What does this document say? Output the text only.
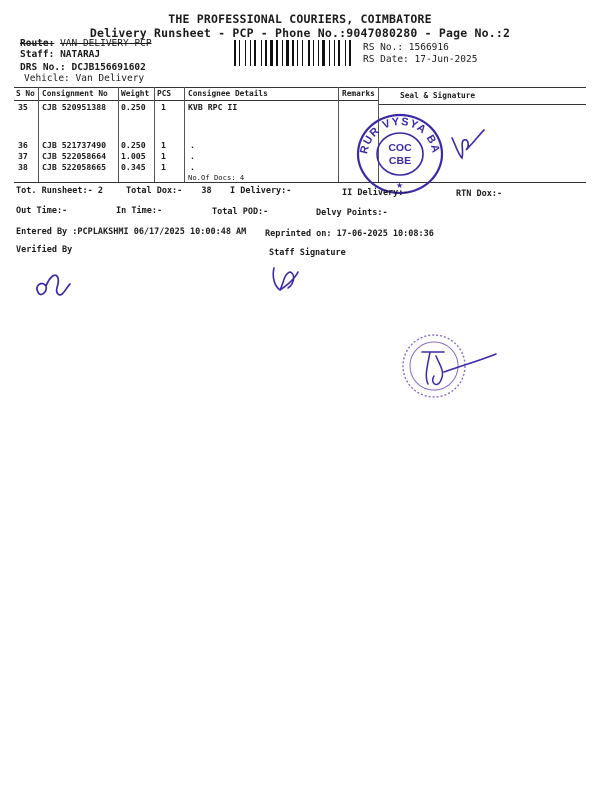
THE PROFESSIONAL COURIERS, COIMBATORE
Delivery Runsheet - PCP - Phone No.:9047080280 - Page No.:2
Route: VAN DELIVERY PCP
Staff: NATARAJ
DRS No.: DCJB156691602
Vehicle: Van Delivery
RS No.: 1566916
RS Date: 17-Jun-2025
S No Consignment No Weight PCS Consignee Details	Remarks	Seal & Signature
35 CJB 520951388 0.250 1	KVB RPC II
36 CJB 521737490 0.250 1	.
37 CJB 522058664 1.005 1	.
38 CJB 522058665 0.345 1	.
No.Of Docs: 4
KARUR VYSYA BANK
COC
CBE
★
Tot. Runsheet:- 2	Total Dox:- 38 I Delivery:-	II Delivery:-	RTN Dox:-
Out Time:-	In Time:-	Total POD:-	Delvy Points:-
Entered By :PCPLAKSHMI 06/17/2025 10:00:48 AM Reprinted on: 17-06-2025 10:08:36
Verified By	Staff Signature
